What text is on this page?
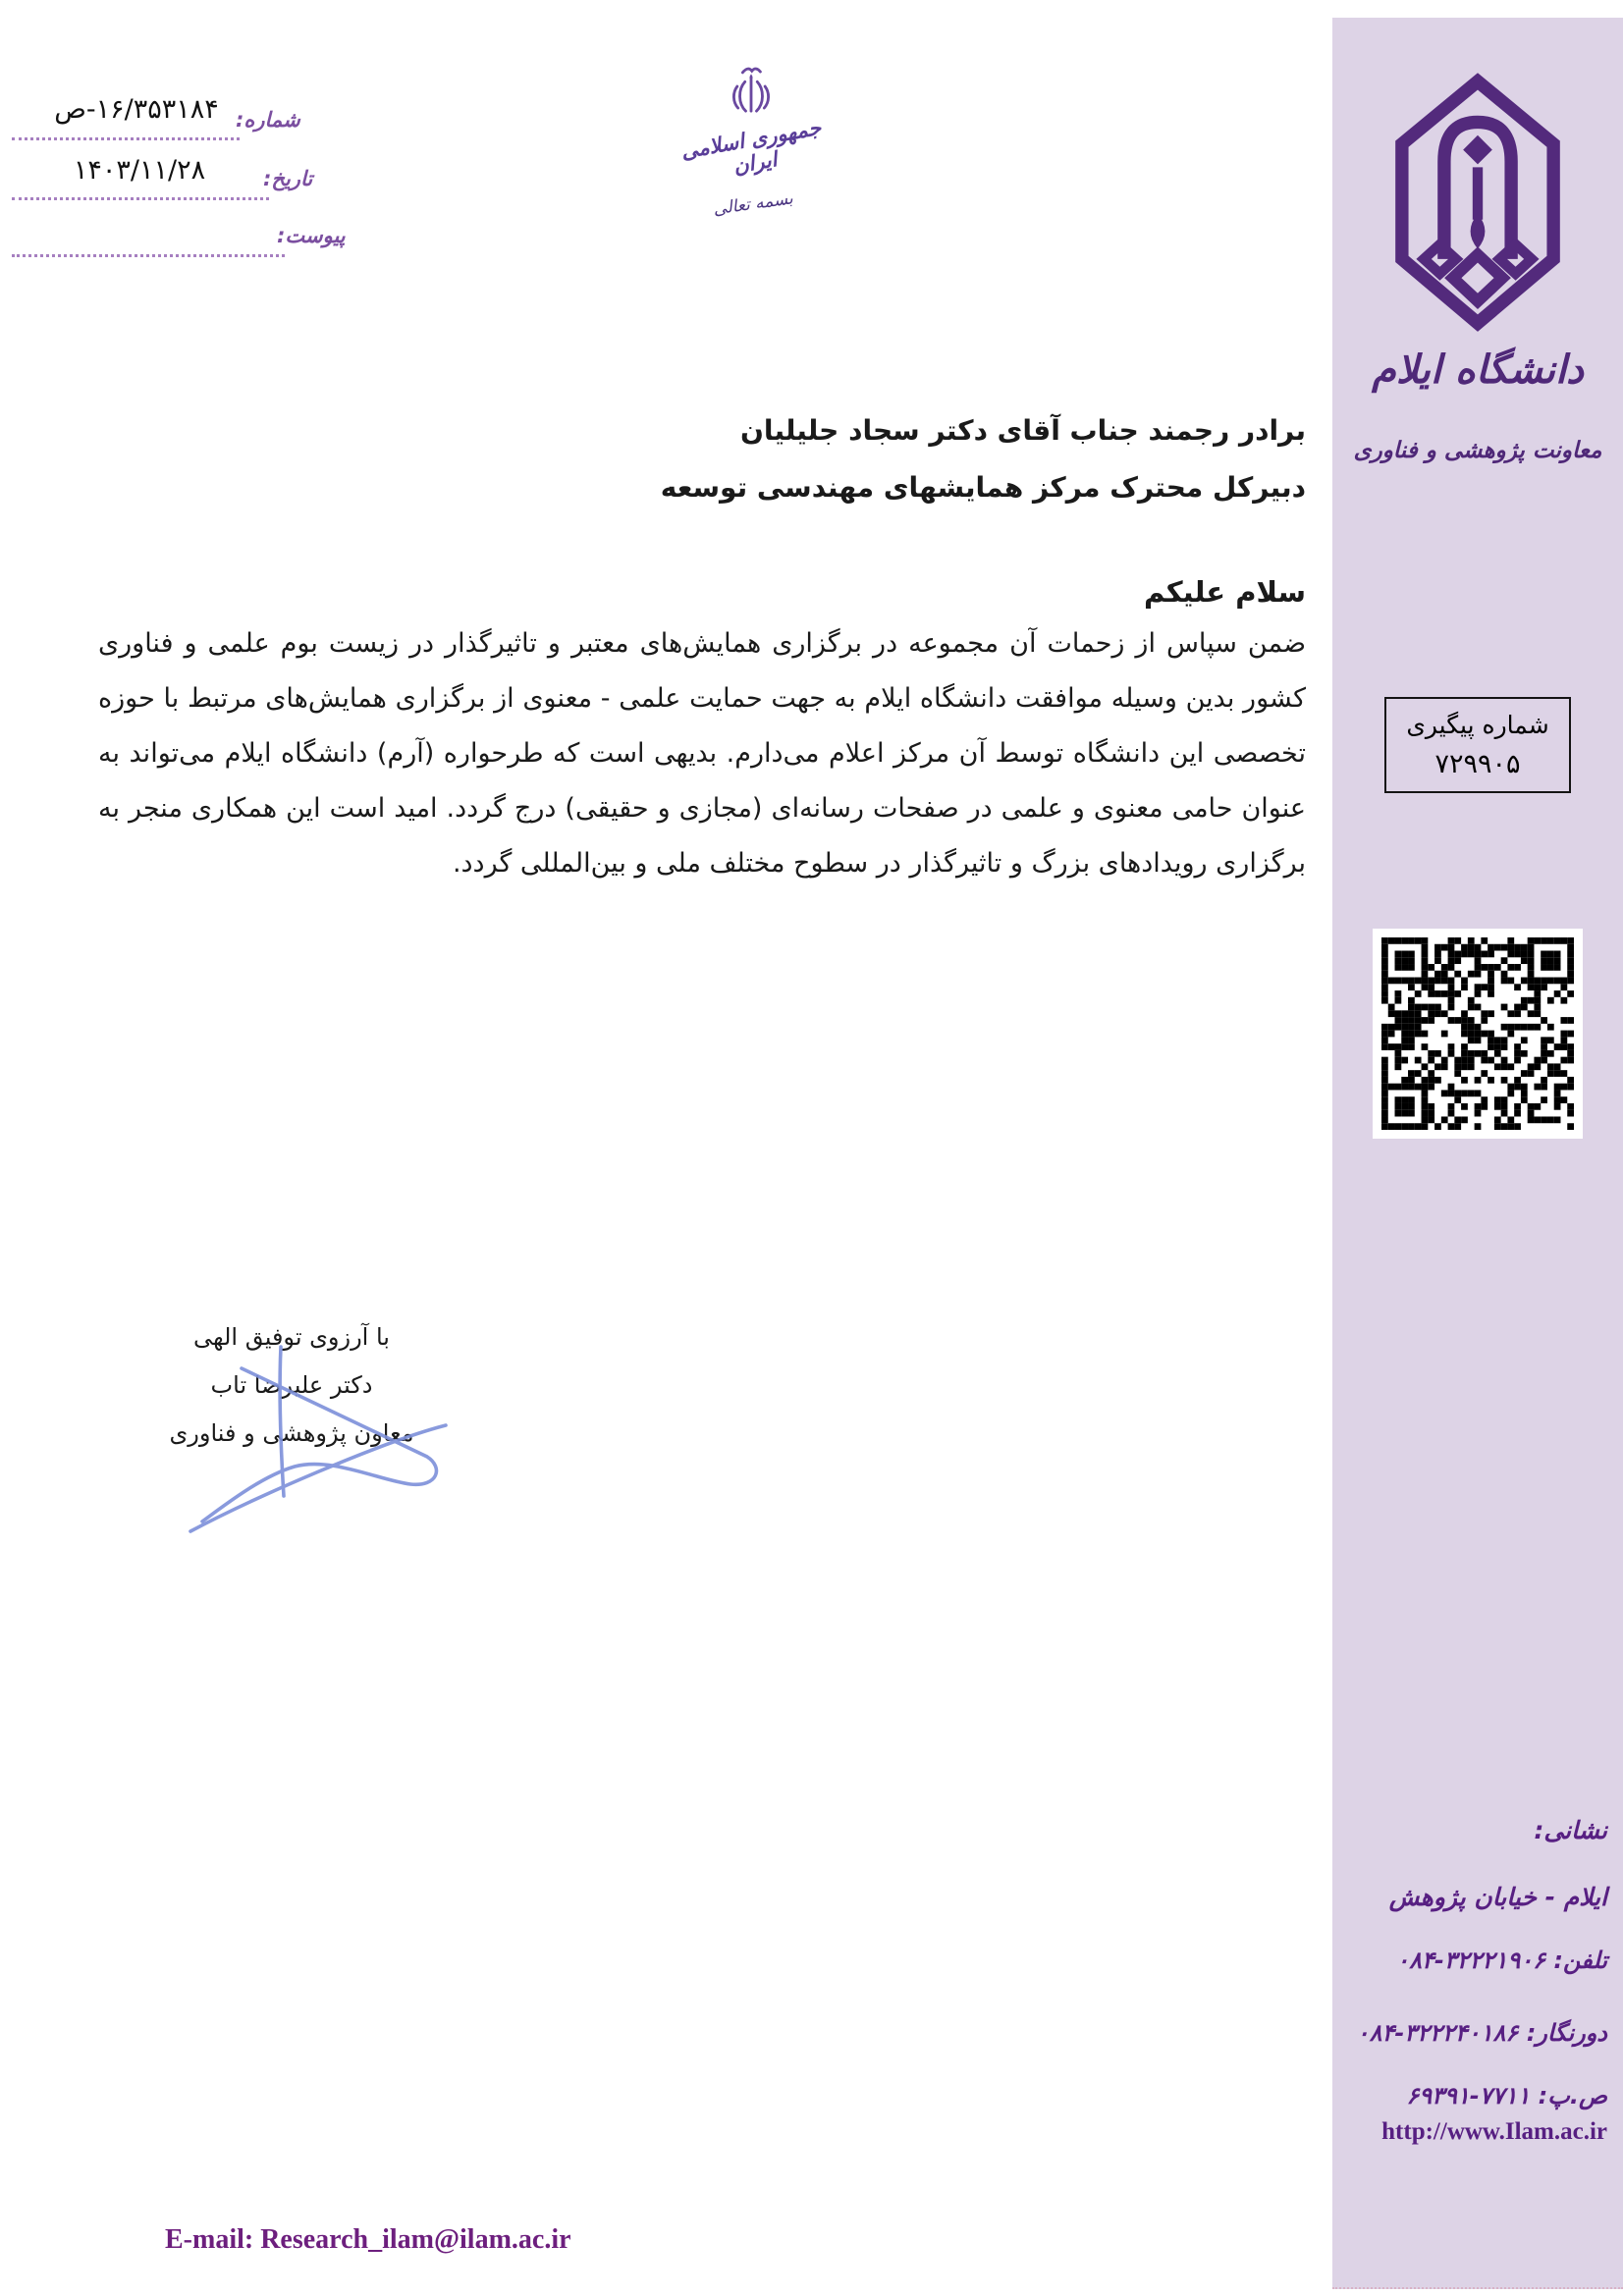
۱۶/۳۵۳۱۸۴-ص شماره:
۱۴۰۳/۱۱/۲۸	تاریخ:
پیوست:
جمهوری اسلامی ایران
بسمه تعالی
برادر رجمند جناب آقای دکتر سجاد جلیلیان
دبیرکل محترک مرکز همایشهای مهندسی توسعه
سلام علیکم
ضمن سپاس از زحمات آن مجموعه در برگزاری همایش‌های معتبر و تاثیرگذار در زیست بوم علمی و فناوری کشور بدین وسیله موافقت دانشگاه ایلام به جهت حمایت علمی - معنوی از برگزاری همایش‌های مرتبط با حوزه تخصصی این دانشگاه توسط آن مرکز اعلام می‌دارم. بدیهی است که طرحواره (آرم) دانشگاه ایلام می‌تواند به عنوان حامی معنوی و علمی در صفحات رسانه‌ای (مجازی و حقیقی) درج گردد. امید است این همکاری منجر به برگزاری رویدادهای بزرگ و تاثیرگذار در سطوح مختلف ملی و بین‌المللی گردد.
با آرزوی توفیق الهی
دکتر علیرضا تاب
معاون پژوهشی و فناوری
دانشگاه ایلام
معاونت پژوهشی و فناوری
شماره پیگیری
۷۲۹۹۰۵
نشانی:
ایلام - خیابان پژوهش
تلفن: ۰۸۴-۳۲۲۲۱۹۰۶
دورنگار: ۰۸۴-۳۲۲۲۴۰۱۸۶
ص.پ: ۶۹۳۹۱-۷۷۱۱
http://www.Ilam.ac.ir
E-mail: Research_ilam@ilam.ac.ir
